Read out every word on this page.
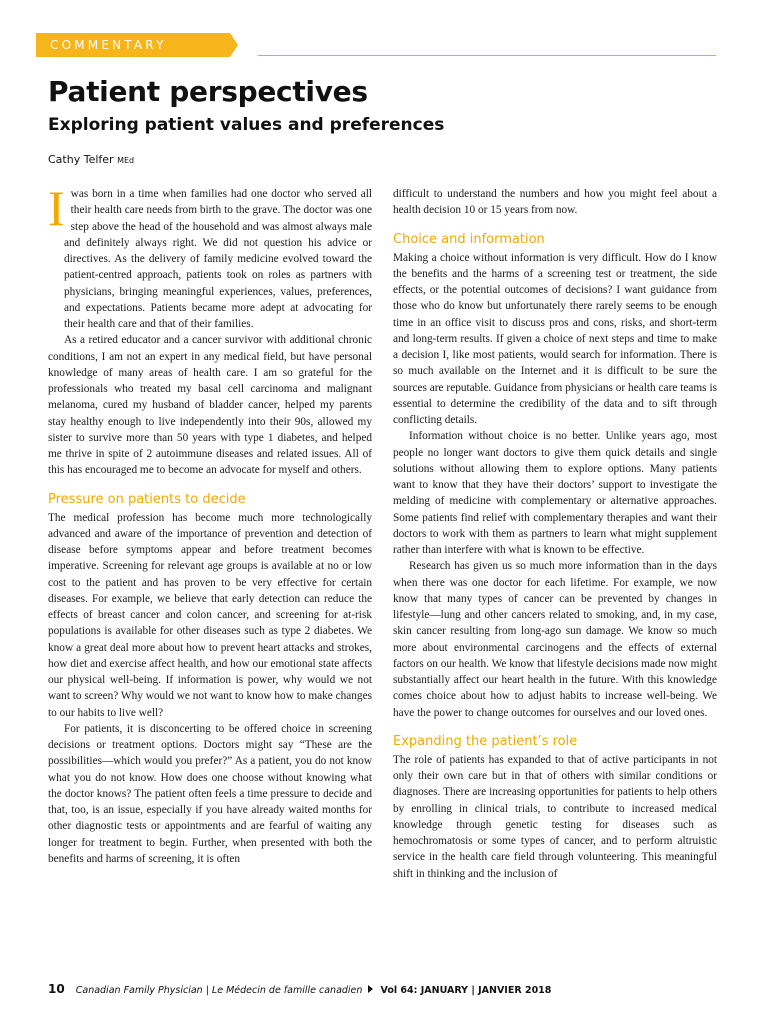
COMMENTARY
Patient perspectives
Exploring patient values and preferences
Cathy Telfer MEd

Iwas born in a time when families had one doctor who served all their health care needs from birth to the grave. The doctor was one step above the head of the household and was almost always male and definitely always right. We did not question his advice or directives. As the delivery of family medicine evolved toward the patient-centred approach, patients took on roles as partners with physicians, bringing meaningful experiences, values, preferences, and expectations. Patients became more adept at advocating for their health care and that of their families.

As a retired educator and a cancer survivor with additional chronic conditions, I am not an expert in any medical field, but have personal knowledge of many areas of health care. I am so grateful for the professionals who treated my basal cell carcinoma and malignant melanoma, cured my husband of bladder cancer, helped my parents stay healthy enough to live independently into their 90s, allowed my sister to survive more than 50 years with type 1 diabetes, and helped me thrive in spite of 2 autoimmune diseases and related issues. All of this has encouraged me to become an advocate for myself and others.

Pressure on patients to decide

The medical profession has become much more technologically advanced and aware of the importance of prevention and detection of disease before symptoms appear and before treatment becomes imperative. Screening for relevant age groups is available at no or low cost to the patient and has proven to be very effective for certain diseases. For example, we believe that early detection can reduce the effects of breast cancer and colon cancer, and screening for at-risk populations is available for other diseases such as type 2 diabetes. We know a great deal more about how to prevent heart attacks and strokes, how diet and exercise affect health, and how our emotional state affects our physical well-being. If information is power, why would we not want to screen? Why would we not want to know how to make changes to our habits to live well?

For patients, it is disconcerting to be offered choice in screening decisions or treatment options. Doctors might say “These are the possibilities—which would you prefer?” As a patient, you do not know what you do not know. How does one choose without knowing what the doctor knows? The patient often feels a time pressure to decide and that, too, is an issue, especially if you have already waited months for other diagnostic tests or appointments and are fearful of waiting any longer for treatment to begin. Further, when presented with both the benefits and harms of screening, it is often

difficult to understand the numbers and how you might feel about a health decision 10 or 15 years from now.

Choice and information

Making a choice without information is very difficult. How do I know the benefits and the harms of a screening test or treatment, the side effects, or the potential outcomes of decisions? I want guidance from those who do know but unfortunately there rarely seems to be enough time in an office visit to discuss pros and cons, risks, and short-term and long-term results. If given a choice of next steps and time to make a decision I, like most patients, would search for information. There is so much available on the Internet and it is difficult to be sure the sources are reputable. Guidance from physicians or health care teams is essential to determine the credibility of the data and to sift through conflicting details.

Information without choice is no better. Unlike years ago, most people no longer want doctors to give them quick details and single solutions without allowing them to explore options. Many patients want to know that they have their doctors’ support to investigate the melding of medicine with complementary or alternative approaches. Some patients find relief with complementary therapies and want their doctors to work with them as partners to learn what might supplement rather than interfere with what is known to be effective.

Research has given us so much more information than in the days when there was one doctor for each lifetime. For example, we now know that many types of cancer can be prevented by changes in lifestyle—lung and other cancers related to smoking, and, in my case, skin cancer resulting from long-ago sun damage. We know so much more about environmental carcinogens and the effects of external factors on our health. We know that lifestyle decisions made now might substantially affect our heart health in the future. With this knowledge comes choice about how to adjust habits to increase well-being. We have the power to change outcomes for ourselves and our loved ones.

Expanding the patient’s role

The role of patients has expanded to that of active participants in not only their own care but in that of others with similar conditions or diagnoses. There are increasing opportunities for patients to help others by enrolling in clinical trials, to contribute to increased medical knowledge through genetic testing for diseases such as hemochromatosis or some types of cancer, and to perform altruistic service in the health care field through volunteering. This meaningful shift in thinking and the inclusion of

10 Canadian Family Physician | Le Médecin de famille canadien Vol 64: JANUARY | JANVIER 2018
